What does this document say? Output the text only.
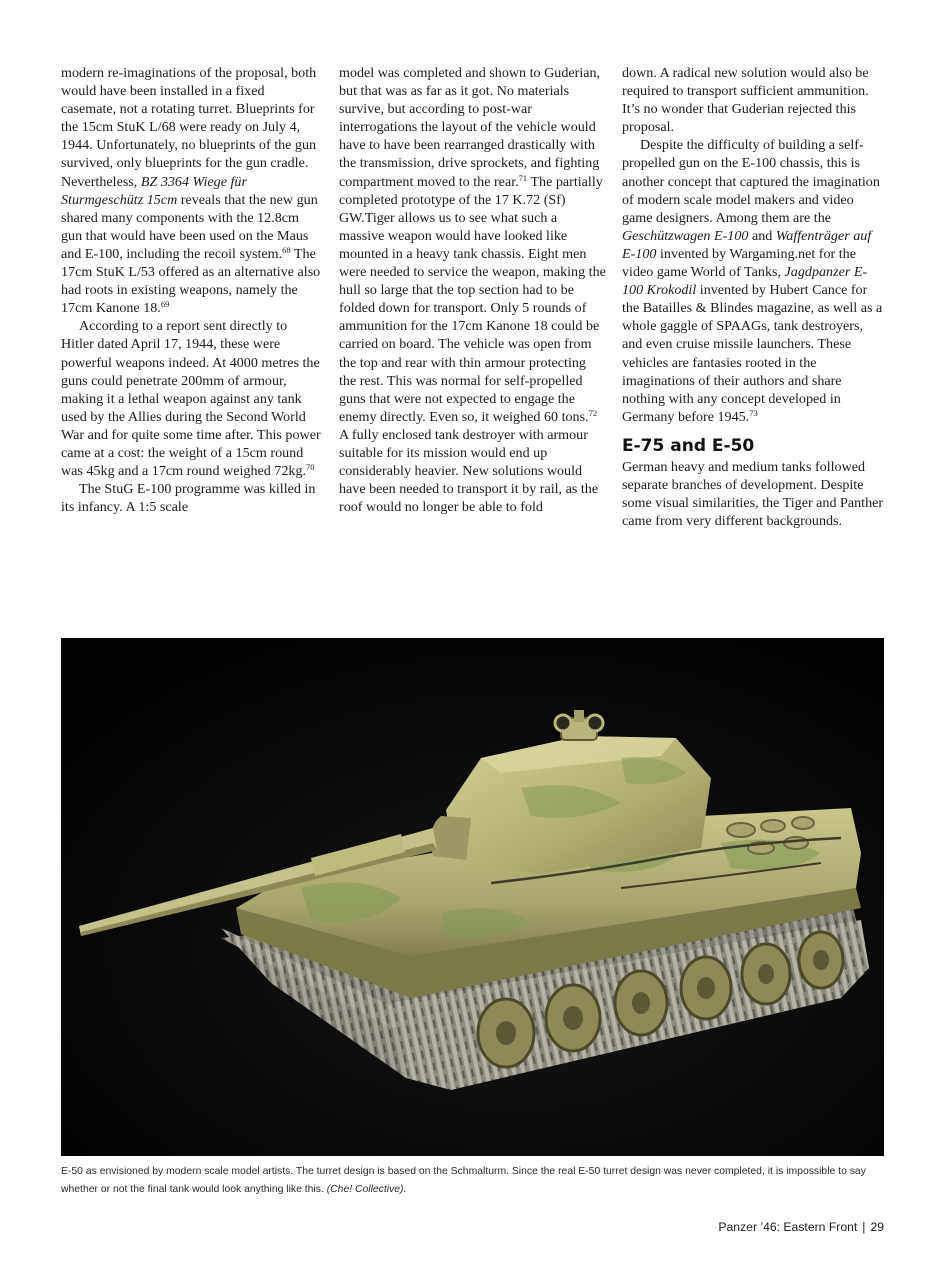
modern re-imaginations of the proposal, both would have been installed in a fixed casemate, not a rotating turret. Blueprints for the 15cm StuK L/68 were ready on July 4, 1944. Unfortunately, no blueprints of the gun survived, only blueprints for the gun cradle. Nevertheless, BZ 3364 Wiege für Sturmgeschütz 15cm reveals that the new gun shared many components with the 12.8cm gun that would have been used on the Maus and E-100, including the recoil system.$^{68}$ The 17cm StuK L/53 offered as an alternative also had roots in existing weapons, namely the 17cm Kanone 18.69

According to a report sent directly to Hitler dated April 17, 1944, these were powerful weapons indeed. At 4000 metres the guns could penetrate 200mm of armour, making it a lethal weapon against any tank used by the Allies during the Second World War and for quite some time after. This power came at a cost: the weight of a 15cm round was 45kg and a 17cm round weighed 72kg.$^{70}$

The StuG E-100 programme was killed in its infancy. A 1:5 scale

model was completed and shown to Guderian, but that was as far as it got. No materials survive, but according to post-war interrogations the layout of the vehicle would have to have been rearranged drastically with the transmission, drive sprockets, and fighting compartment moved to the rear.$^{71}$ The partially completed prototype of the 17 K.72 (Sf) GW.Tiger allows us to see what such a massive weapon would have looked like mounted in a heavy tank chassis. Eight men were needed to service the weapon, making the hull so large that the top section had to be folded down for transport. Only 5 rounds of ammunition for the 17cm Kanone 18 could be carried on board. The vehicle was open from the top and rear with thin armour protecting the rest. This was normal for self-propelled guns that were not expected to engage the enemy directly. Even so, it weighed 60 tons.$^{72}$ A fully enclosed tank destroyer with armour suitable for its mission would end up considerably heavier. New solutions would have been needed to transport it by rail, as the roof would no longer be able to fold

down. A radical new solution would also be required to transport sufficient ammunition. It’s no wonder that Guderian rejected this proposal.

Despite the difficulty of building a self-propelled gun on the E-100 chassis, this is another concept that captured the imagination of modern scale model makers and video game designers. Among them are the Geschützwagen E-100 and Waffenträger auf E-100 invented by Wargaming.net for the video game World of Tanks, Jagdpanzer E-100 Krokodil invented by Hubert Cance for the Batailles & Blindes magazine, as well as a whole gaggle of SPAAGs, tank destroyers, and even cruise missile launchers. These vehicles are fantasies rooted in the imaginations of their authors and share nothing with any concept developed in Germany before 1945.73

E-75 and E-50

German heavy and medium tanks followed separate branches of development. Despite some visual similarities, the Tiger and Panther came from very different backgrounds.

E-50 as envisioned by modern scale model artists. The turret design is based on the Schmalturm. Since the real E-50 turret design was never completed, it is impossible to say whether or not the final tank would look anything like this. (Che! Collective).

Panzer ’46: Eastern Front | 29
